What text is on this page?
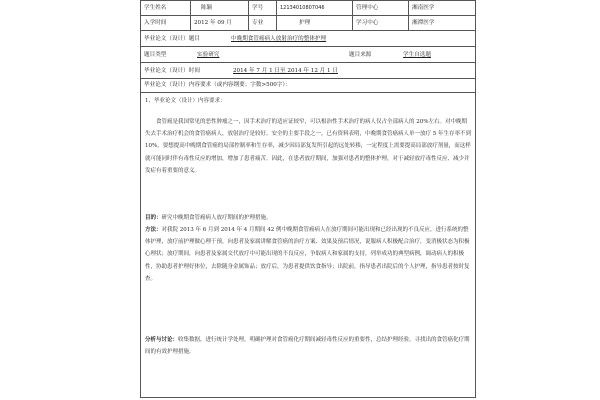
学生姓名	陈颖	学号	12134010807046	管理中心	湘南医学
入学时间	2012 年 09 月	专业	护理	学习中心	湘潭医学
毕业论文（设计）题目	中晚期食管癌病人放射治疗的整体护理
题目类型	实验研究	题目来源	学生自选题
毕业论文（设计）时间	2014 年 7 月 1 日至 2014 年 12 月 1 日
毕业论文（设计）内容要求（或内容纲要；字数>500字）：

1、毕业论文（设计）内容要求：

食管癌是我国常见的恶性肿瘤之一，因手术治疗的适应证较窄，可以根治性手术治疗的病人仅占全部病人的 20%左右。对中晚期失去手术治疗机会的食管癌病人，放射治疗是较好、安全的主要手段之一，已有资料表明，中晚期食管癌病人单一放疗 5 年生存率不到 10%，要想提高中晚期食管癌的局部控制率和生存率，减少因局部复发所引起的远处转移，一定程度上需要提高局部放疗剂量，而这样就可能同时伴有毒性反应的增加，增加了患者痛苦。因此，在患者放疗期间，加强对患者的整体护理，对于减轻放疗毒性反应、减少并发症有着重要的意义。

目的：研究中晚期食管癌病人放疗期间的护理措施。

方法：对我院 2013 年 6 月到 2014 年 4 月期间 42 例中晚期食管癌病人在放疗期间可能出现和已经出现的不良反应，进行系统的整体护理，放疗前护理做心理干预，向患者及家属讲解食管癌的治疗方案、效果及预后情况，说服病人积极配合治疗，变消极状态为积极心理状；放疗期间，向患者及家属交代放疗中可能出现的不良反应，争取病人和家属的支持，列举成功的典型病例，调动病人的积极性，协助患者护理好体位，去除随身金属饰品；放疗后，为患者提供饮食指导；出院前，指导患者出院后的个人护理，指导患者按时复查。

分析与讨论：收集数据，进行统计学处理，明确护理对食管癌化疗期间减轻毒性反应的重要性，总结护理经验，寻找出的食管癌化疗期间的有效护理措施。
